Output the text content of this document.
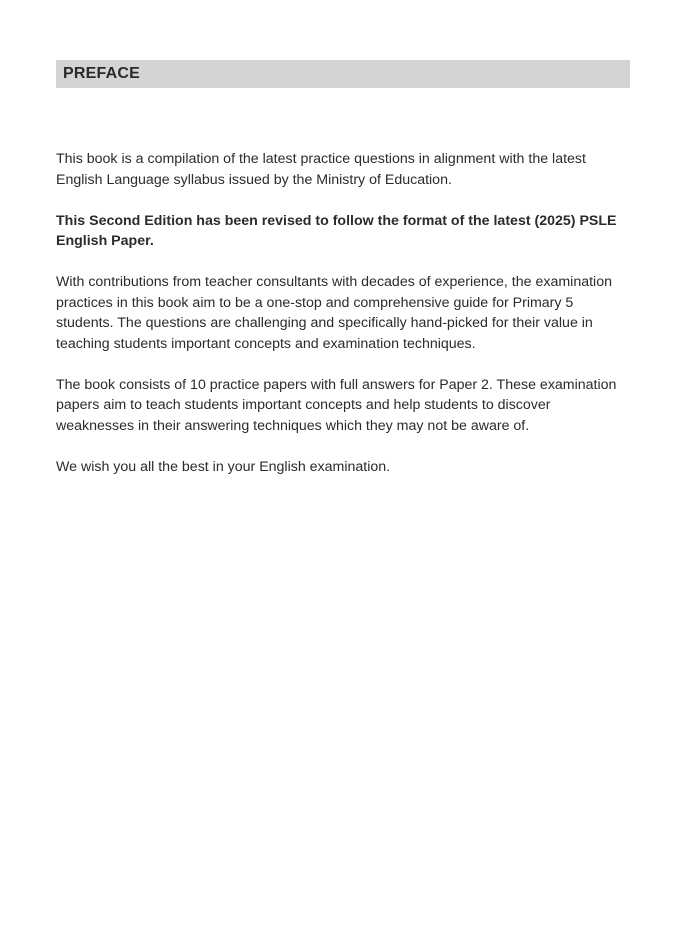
PREFACE

This book is a compilation of the latest practice questions in alignment with the latest
English Language syllabus issued by the Ministry of Education.

This Second Edition has been revised to follow the format of the latest (2025) PSLE
English Paper.

With contributions from teacher consultants with decades of experience, the examination
practices in this book aim to be a one-stop and comprehensive guide for Primary 5
students. The questions are challenging and specifically hand-picked for their value in
teaching students important concepts and examination techniques.

The book consists of 10 practice papers with full answers for Paper 2. These examination
papers aim to teach students important concepts and help students to discover
weaknesses in their answering techniques which they may not be aware of.

We wish you all the best in your English examination.
